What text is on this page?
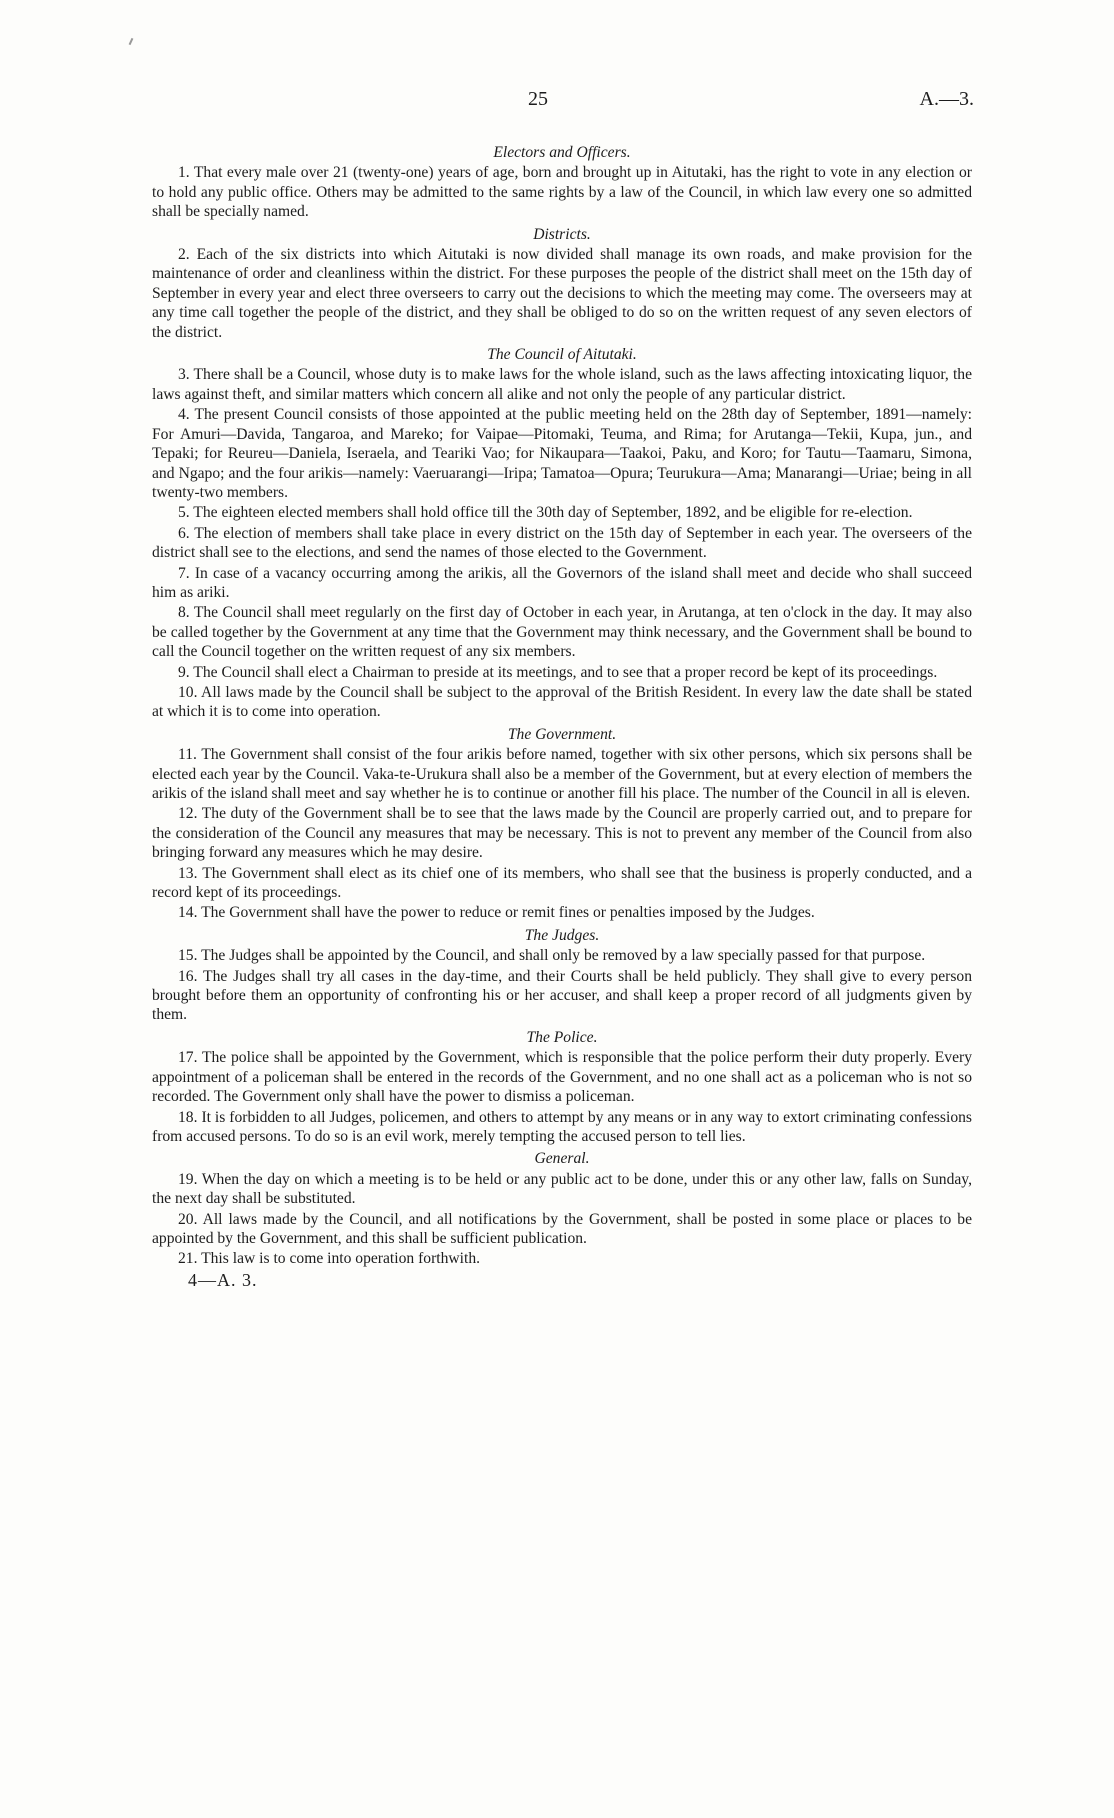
25	A.—3.
Electors and Officers.

1. That every male over 21 (twenty-one) years of age, born and brought up in Aitutaki, has the right to vote in any election or to hold any public office. Others may be admitted to the same rights by a law of the Council, in which law every one so admitted shall be specially named.

Districts.

2. Each of the six districts into which Aitutaki is now divided shall manage its own roads, and make provision for the maintenance of order and cleanliness within the district. For these purposes the people of the district shall meet on the 15th day of September in every year and elect three overseers to carry out the decisions to which the meeting may come. The overseers may at any time call together the people of the district, and they shall be obliged to do so on the written request of any seven electors of the district.

The Council of Aitutaki.

3. There shall be a Council, whose duty is to make laws for the whole island, such as the laws affecting intoxicating liquor, the laws against theft, and similar matters which concern all alike and not only the people of any particular district.

4. The present Council consists of those appointed at the public meeting held on the 28th day of September, 1891—namely: For Amuri—Davida, Tangaroa, and Mareko; for Vaipae—Pitomaki, Teuma, and Rima; for Arutanga—Tekii, Kupa, jun., and Tepaki; for Reureu—Daniela, Iseraela, and Teariki Vao; for Nikaupara—Taakoi, Paku, and Koro; for Tautu—Taamaru, Simona, and Ngapo; and the four arikis—namely: Vaeruarangi—Iripa; Tamatoa—Opura; Teurukura—Ama; Manarangi—Uriae; being in all twenty-two members.

5. The eighteen elected members shall hold office till the 30th day of September, 1892, and be eligible for re-election.

6. The election of members shall take place in every district on the 15th day of September in each year. The overseers of the district shall see to the elections, and send the names of those elected to the Government.

7. In case of a vacancy occurring among the arikis, all the Governors of the island shall meet and decide who shall succeed him as ariki.

8. The Council shall meet regularly on the first day of October in each year, in Arutanga, at ten o'clock in the day. It may also be called together by the Government at any time that the Government may think necessary, and the Government shall be bound to call the Council together on the written request of any six members.

9. The Council shall elect a Chairman to preside at its meetings, and to see that a proper record be kept of its proceedings.

10. All laws made by the Council shall be subject to the approval of the British Resident. In every law the date shall be stated at which it is to come into operation.

The Government.

11. The Government shall consist of the four arikis before named, together with six other persons, which six persons shall be elected each year by the Council. Vaka-te-Urukura shall also be a member of the Government, but at every election of members the arikis of the island shall meet and say whether he is to continue or another fill his place. The number of the Council in all is eleven.

12. The duty of the Government shall be to see that the laws made by the Council are properly carried out, and to prepare for the consideration of the Council any measures that may be necessary. This is not to prevent any member of the Council from also bringing forward any measures which he may desire.

13. The Government shall elect as its chief one of its members, who shall see that the business is properly conducted, and a record kept of its proceedings.

14. The Government shall have the power to reduce or remit fines or penalties imposed by the Judges.

The Judges.

15. The Judges shall be appointed by the Council, and shall only be removed by a law specially passed for that purpose.

16. The Judges shall try all cases in the day-time, and their Courts shall be held publicly. They shall give to every person brought before them an opportunity of confronting his or her accuser, and shall keep a proper record of all judgments given by them.

The Police.

17. The police shall be appointed by the Government, which is responsible that the police perform their duty properly. Every appointment of a policeman shall be entered in the records of the Government, and no one shall act as a policeman who is not so recorded. The Government only shall have the power to dismiss a policeman.

18. It is forbidden to all Judges, policemen, and others to attempt by any means or in any way to extort criminating confessions from accused persons. To do so is an evil work, merely tempting the accused person to tell lies.

General.

19. When the day on which a meeting is to be held or any public act to be done, under this or any other law, falls on Sunday, the next day shall be substituted.

20. All laws made by the Council, and all notifications by the Government, shall be posted in some place or places to be appointed by the Government, and this shall be sufficient publication.

21. This law is to come into operation forthwith.

4—A. 3.
